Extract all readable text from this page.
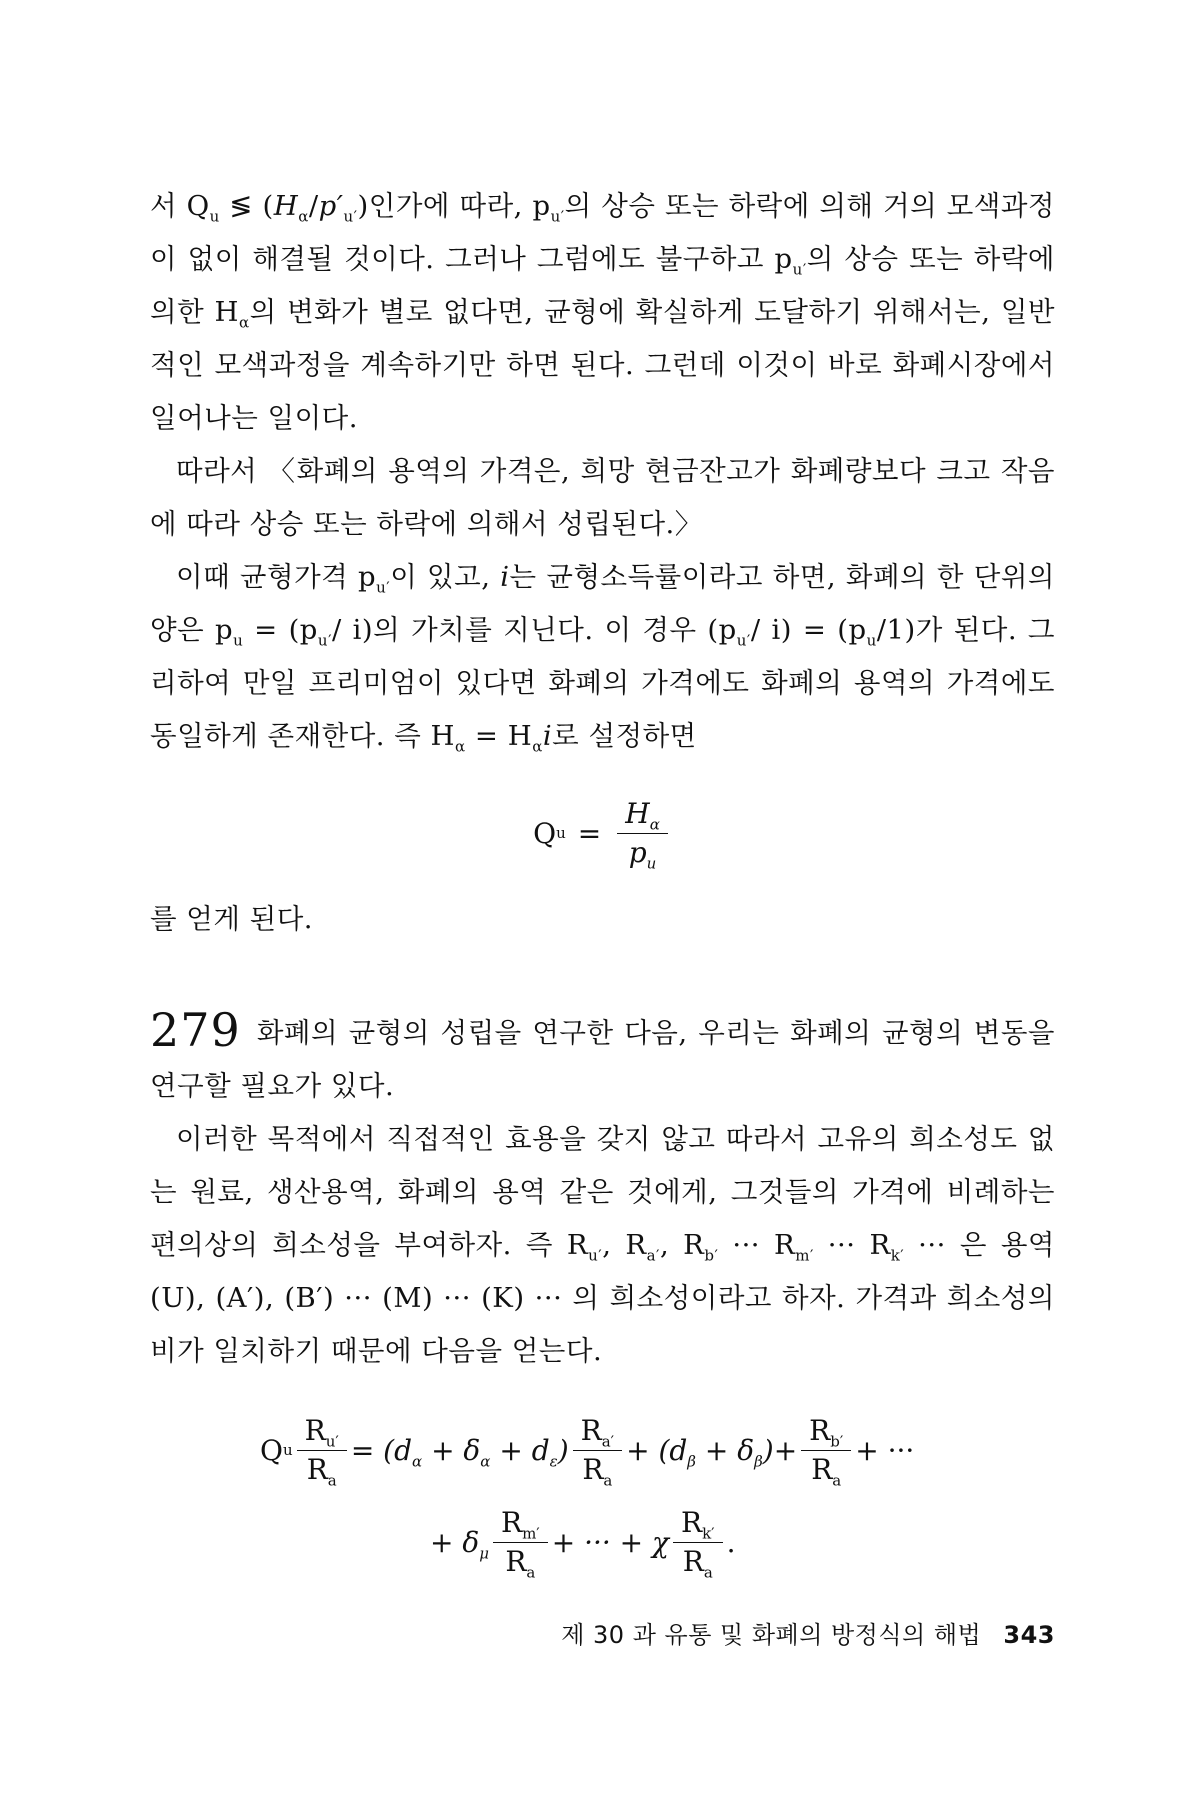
서 $Q_u$ ≶ $(H_\alpha/p'_{u'})$인가에 따라, $p_{u'}$의 상승 또는 하락에 의해 거의 모색과정이 없이 해결될 것이다. 그러나 그럼에도 불구하고 $p_{u'}$의 상승 또는 하락에 의한 $H_\alpha$의 변화가 별로 없다면, 균형에 확실하게 도달하기 위해서는, 일반적인 모색과정을 계속하기만 하면 된다. 그런데 이것이 바로 화폐시장에서 일어나는 일이다.

따라서 〈화폐의 용역의 가격은, 희망 현금잔고가 화폐량보다 크고 작음에 따라 상승 또는 하락에 의해서 성립된다.〉

이때 균형가격 $p_{u'}$이 있고, i는 균형소득률이라고 하면, 화폐의 한 단위의 양은 $p_u = (p_{u'}/$ i)의 가치를 지닌다. 이 경우 ($p_{u'}/$ $i) = (p_u/1)$가 된다. 그리하여 만일 프리미엄이 있다면 화폐의 가격에도 화폐의 용역의 가격에도 동일하게 존재한다. 즉 $H_\alpha = H_\alpha i$로 설정하면

Q $u = \frac{H_\alpha}{p_u}$

를 얻게 된다.

279 화폐의 균형의 성립을 연구한 다음, 우리는 화폐의 균형의 변동을 연구할 필요가 있다.

이러한 목적에서 직접적인 효용을 갖지 않고 따라서 고유의 희소성도 없는 원료, 생산용역, 화폐의 용역 같은 것에게, 그것들의 가격에 비례하는 편의상의 희소성을 부여하자. 즉 $R_{u'}$, $R_{a'}$, $R_{b'}$ ··· $R_{m'}$ ··· $R_{k'}$ ··· 은 용역 (U), (A′), (B′) ··· (M) ··· (K) ··· 의 희소성이라고 하자. 가격과 희소성의 비가 일치하기 때문에 다음을 얻는다.

Q u $\frac{R_{u'}}{R_a} = (d_\alpha + \delta_\alpha + d_\varepsilon) \frac{R_{a'}}{R_a} + (d_\beta + \delta_\beta)+ \frac{R_{b'}}{R_a}$ + ···
+ $\delta_\mu \frac{R_{m'}}{R_a}$ + ··· + χ $\frac{R_{k'}}{R_a}$ .
제 30 과 유통 및 화폐의 방정식의 해법 343
